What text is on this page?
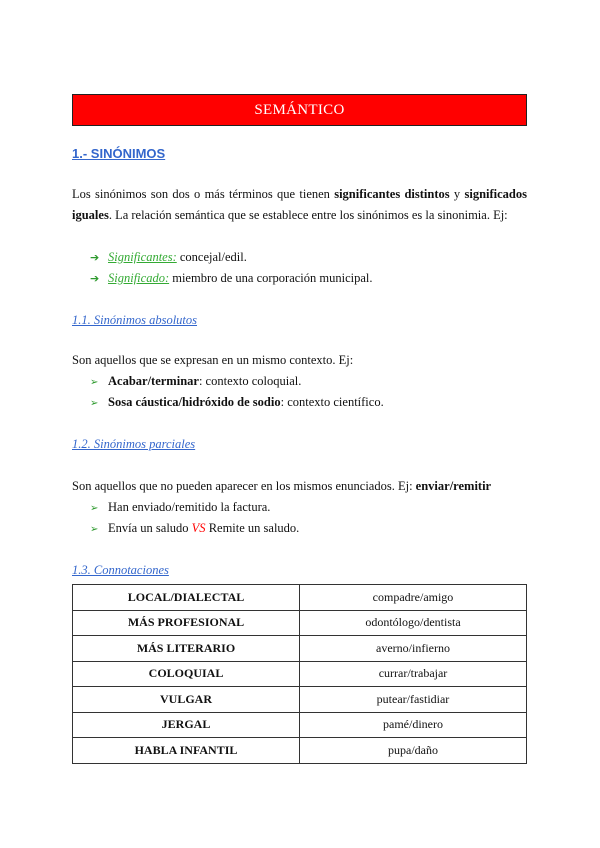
SEMÁNTICO
1.- SINÓNIMOS

Los sinónimos son dos o más términos que tienen significantes distintos y significados iguales. La relación semántica que se establece entre los sinónimos es la sinonimia. Ej:

➔ Significantes: concejal/edil.
➔ Significado: miembro de una corporación municipal.
1.1. Sinónimos absolutos

Son aquellos que se expresan en un mismo contexto. Ej:

➢ Acabar/terminar: contexto coloquial.
➢ Sosa cáustica/hidróxido de sodio: contexto científico.
1.2. Sinónimos parciales

Son aquellos que no pueden aparecer en los mismos enunciados. Ej: enviar/remitir

➢ Han enviado/remitido la factura.
➢ Envía un saludo VS Remite un saludo.
1.3. Connotaciones
LOCAL/DIALECTAL	compadre/amigo
MÁS PROFESIONAL	odontólogo/dentista
MÁS LITERARIO	averno/infierno
COLOQUIAL	currar/trabajar
VULGAR	putear/fastidiar
JERGAL	pamé/dinero
HABLA INFANTIL	pupa/daño
